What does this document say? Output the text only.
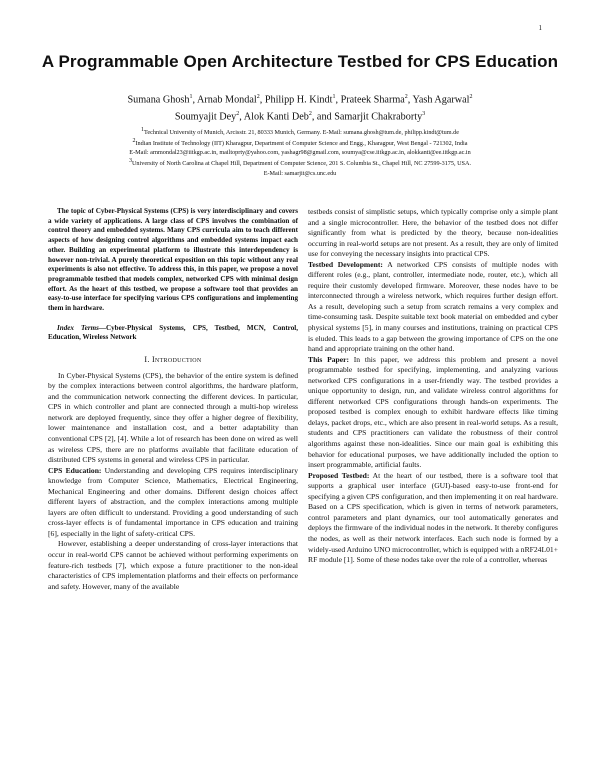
1
A Programmable Open Architecture Testbed for CPS Education
Sumana Ghosh$^1$, Arnab Mondal$^2$, Philipp H. Kindt$^1$, Prateek Sharma$^2$, Yash Agarwal$^2$
Soumyajit Dey$^2$, Alok Kanti Deb$^2$, and Samarjit Chakraborty$^3$
$^1$Technical University of Munich, Arcisstr. 21, 80333 Munich, Germany. E-Mail: sumana.ghosh@tum.de, philipp.kindt@tum.de
$^2$Indian Institute of Technology (IIT) Kharagpur, Department of Computer Science and Engg., Kharagpur, West Bengal - 721302, India
E-Mail: arnmondal23@iitkgp.ac.in, mailtoprty@yahoo.com, yashagr98@gmail.com, soumya@cse.iitkgp.ac.in, alokkanti@ee.iitkgp.ac.in
$^3$University of North Carolina at Chapel Hill, Department of Computer Science, 201 S. Columbia St., Chapel Hill, NC 27599-3175, USA.
E-Mail: samarjit@cs.unc.edu

The topic of Cyber-Physical Systems (CPS) is very interdisciplinary and covers a wide variety of applications. A large class of CPS involves the combination of control theory and embedded systems. Many CPS curricula aim to teach different aspects of how designing control algorithms and embedded systems impact each other. Building an experimental platform to illustrate this interdependency is however non-trivial. A purely theoretical exposition on this topic without any real experiments is also not effective. To address this, in this paper, we propose a novel programmable testbed that models complex, networked CPS with minimal design effort. As the heart of this testbed, we propose a software tool that provides an easy-to-use interface for specifying various CPS configurations and implementing them in hardware.

Index Terms—Cyber-Physical Systems, CPS, Testbed, MCN, Control, Education, Wireless Network

I. Introduction

In Cyber-Physical Systems (CPS), the behavior of the entire system is defined by the complex interactions between control algorithms, the hardware platform, and the communication network connecting the different devices. In particular, CPS in which controller and plant are connected through a multi-hop wireless network are deployed frequently, since they offer a higher degree of flexibility, lower maintenance and installation cost, and a better adaptability than conventional CPS [2], [4]. While a lot of research has been done on wired as well as wireless CPS, there are no platforms available that facilitate education of distributed CPS systems in general and wireless CPS in particular.

CPS Education: Understanding and developing CPS requires interdisciplinary knowledge from Computer Science, Mathematics, Electrical Engineering, Mechanical Engineering and other domains. Different design choices affect different layers of abstraction, and the complex interactions among multiple layers are often difficult to understand. Providing a good understanding of such cross-layer effects is of fundamental importance in CPS education and training [6], especially in the light of safety-critical CPS.

However, establishing a deeper understanding of cross-layer interactions that occur in real-world CPS cannot be achieved without performing experiments on feature-rich testbeds [7], which expose a future practitioner to the non-ideal characteristics of CPS implementation platforms and their effects on performance and safety. However, many of the available

testbeds consist of simplistic setups, which typically comprise only a simple plant and a single microcontroller. Here, the behavior of the testbed does not differ significantly from what is predicted by the theory, because non-idealities occurring in real-world setups are not present. As a result, they are only of limited use for conveying the necessary insights into practical CPS.

Testbed Development: A networked CPS consists of multiple nodes with different roles (e.g., plant, controller, intermediate node, router, etc.), which all require their customly developed firmware. Moreover, these nodes have to be interconnected through a wireless network, which requires further design effort. As a result, developing such a setup from scratch remains a very complex and time-consuming task. Despite suitable text book material on embedded and cyber physical systems [5], in many courses and institutions, training on practical CPS is eluded. This leads to a gap between the growing importance of CPS on the one hand and appropriate training on the other hand.

This Paper: In this paper, we address this problem and present a novel programmable testbed for specifying, implementing, and analyzing various networked CPS configurations in a user-friendly way. The testbed provides a unique opportunity to design, run, and validate wireless control algorithms for different networked CPS configurations through hands-on experiments. The proposed testbed is complex enough to exhibit hardware effects like timing delays, packet drops, etc., which are also present in real-world setups. As a result, students and CPS practitioners can validate the robustness of their control algorithms against these non-idealities. Since our main goal is exhibiting this behavior for educational purposes, we have additionally included the option to insert programmable, artificial faults.

Proposed Testbed: At the heart of our testbed, there is a software tool that supports a graphical user interface (GUI)-based easy-to-use front-end for specifying a given CPS configuration, and then implementing it on real hardware. Based on a CPS specification, which is given in terms of network parameters, control parameters and plant dynamics, our tool automatically generates and deploys the firmware of the individual nodes in the network. It thereby configures the nodes, as well as their network interfaces. Each such node is formed by a widely-used Arduino UNO microcontroller, which is equipped with a nRF24L01+ RF module [1]. Some of these nodes take over the role of a controller, whereas
